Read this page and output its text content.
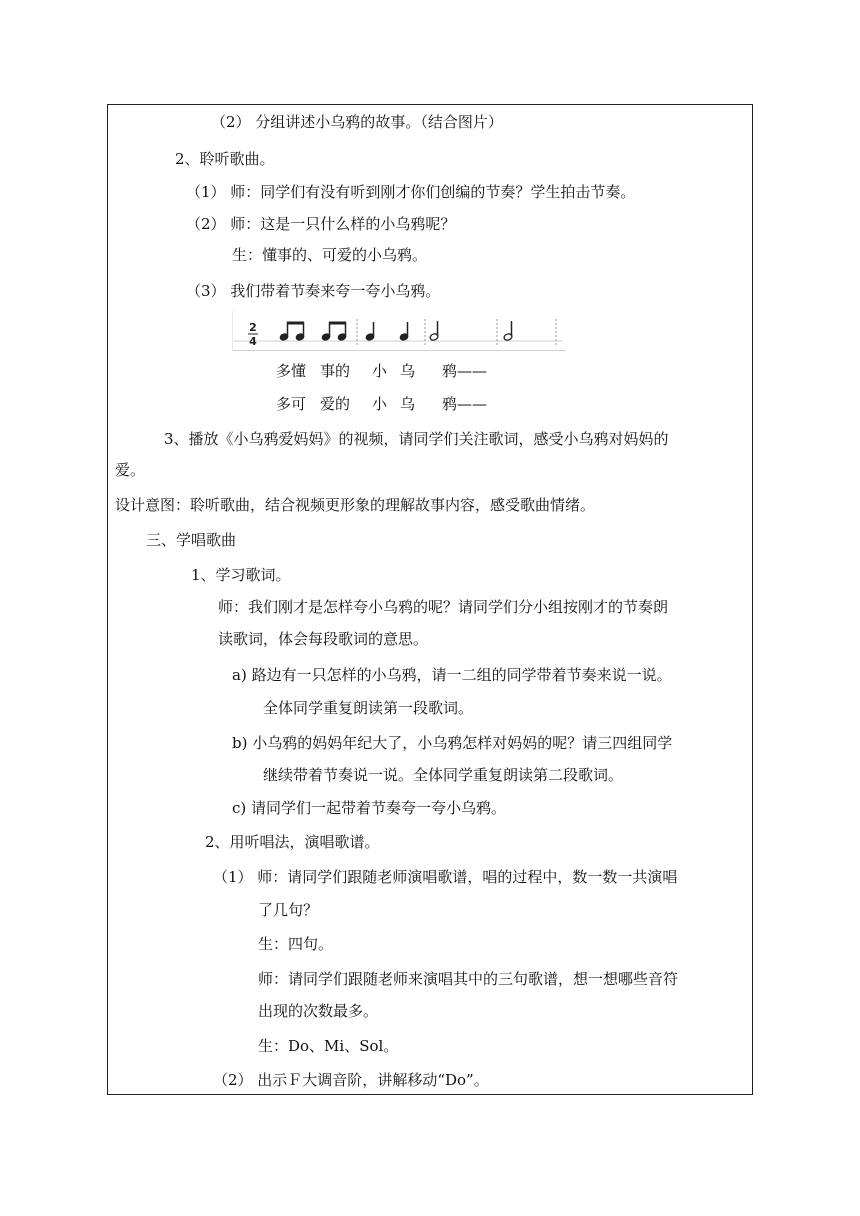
（2） 分组讲述小乌鸦的故事。（结合图片）
2、聆听歌曲。
（1） 师：同学们有没有听到刚才你们创编的节奏？学生拍击节奏。
（2） 师：这是一只什么样的小乌鸦呢？
生：懂事的、可爱的小乌鸦。
（3） 我们带着节奏来夸一夸小乌鸦。
2
4
多懂 事的 小 乌 鸦——
多可 爱的 小 乌 鸦——
3、播放《小乌鸦爱妈妈》的视频，请同学们关注歌词，感受小乌鸦对妈妈的
爱。
设计意图：聆听歌曲，结合视频更形象的理解故事内容，感受歌曲情绪。
三、学唱歌曲
1、学习歌词。
师：我们刚才是怎样夸小乌鸦的呢？请同学们分小组按刚才的节奏朗
读歌词，体会每段歌词的意思。
a) 路边有一只怎样的小乌鸦，请一二组的同学带着节奏来说一说。
全体同学重复朗读第一段歌词。
b) 小乌鸦的妈妈年纪大了，小乌鸦怎样对妈妈的呢？请三四组同学
继续带着节奏说一说。全体同学重复朗读第二段歌词。
c) 请同学们一起带着节奏夸一夸小乌鸦。
2、用听唱法，演唱歌谱。
（1） 师：请同学们跟随老师演唱歌谱，唱的过程中，数一数一共演唱
了几句？
生：四句。
师：请同学们跟随老师来演唱其中的三句歌谱，想一想哪些音符
出现的次数最多。
生：Do、Mi、Sol。
（2） 出示Ｆ大调音阶，讲解移动“Do”。
